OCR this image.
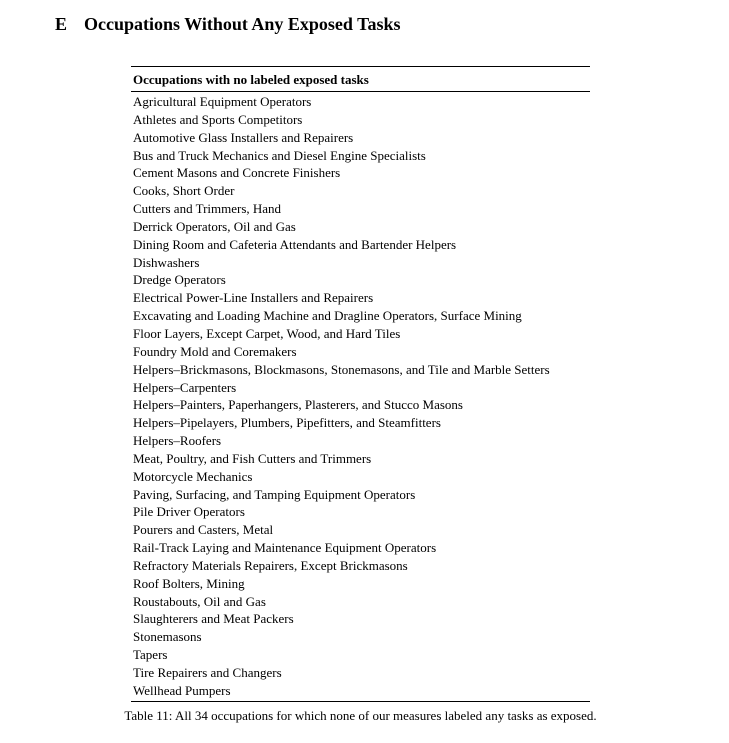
E Occupations Without Any Exposed Tasks
Occupations with no labeled exposed tasks
Agricultural Equipment Operators
Athletes and Sports Competitors
Automotive Glass Installers and Repairers
Bus and Truck Mechanics and Diesel Engine Specialists
Cement Masons and Concrete Finishers
Cooks, Short Order
Cutters and Trimmers, Hand
Derrick Operators, Oil and Gas
Dining Room and Cafeteria Attendants and Bartender Helpers
Dishwashers
Dredge Operators
Electrical Power-Line Installers and Repairers
Excavating and Loading Machine and Dragline Operators, Surface Mining
Floor Layers, Except Carpet, Wood, and Hard Tiles
Foundry Mold and Coremakers
Helpers–Brickmasons, Blockmasons, Stonemasons, and Tile and Marble Setters
Helpers–Carpenters
Helpers–Painters, Paperhangers, Plasterers, and Stucco Masons
Helpers–Pipelayers, Plumbers, Pipefitters, and Steamfitters
Helpers–Roofers
Meat, Poultry, and Fish Cutters and Trimmers
Motorcycle Mechanics
Paving, Surfacing, and Tamping Equipment Operators
Pile Driver Operators
Pourers and Casters, Metal
Rail-Track Laying and Maintenance Equipment Operators
Refractory Materials Repairers, Except Brickmasons
Roof Bolters, Mining
Roustabouts, Oil and Gas
Slaughterers and Meat Packers
Stonemasons
Tapers
Tire Repairers and Changers
Wellhead Pumpers
Table 11: All 34 occupations for which none of our measures labeled any tasks as exposed.
